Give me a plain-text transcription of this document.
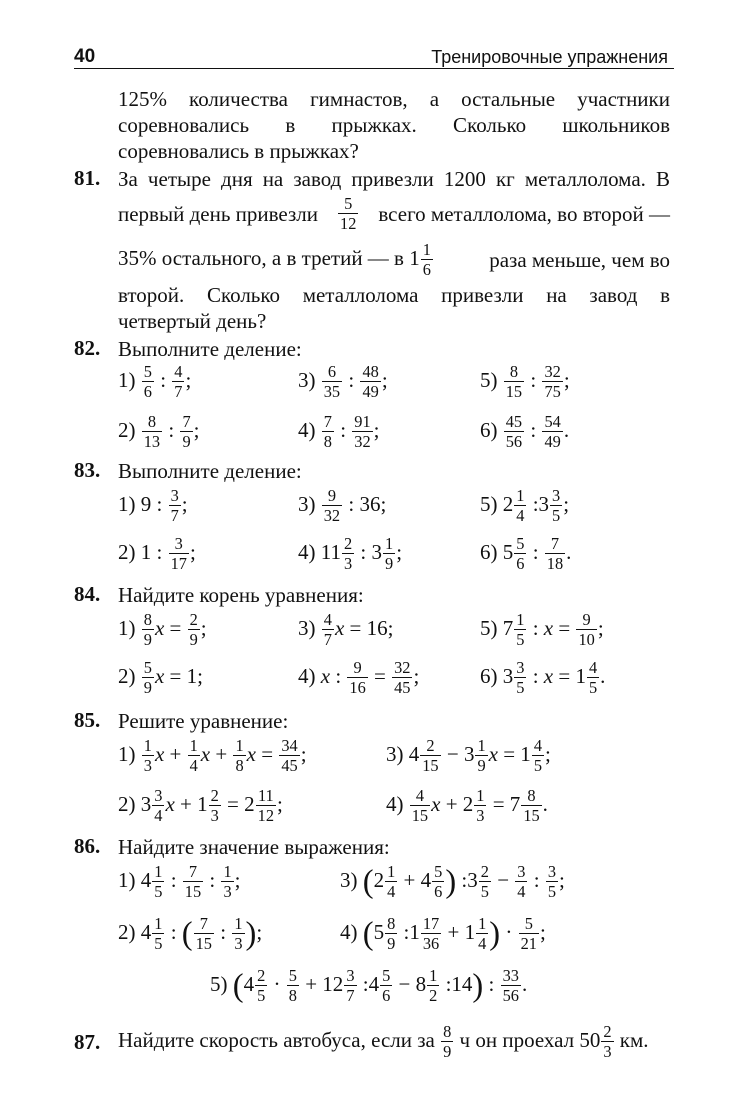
40	Тренировочные упражнения
125% количества гимнастов, а остальные участники
соревновались в прыжках. Сколько школьников
соревновались в прыжках?
81. За четыре дня на завод привезли 1200 кг металлолома. В
первый день привезли	5
12 всего металлолома, во второй —
35% остального, а в третий — в $1 \frac{1}{6}$	раза меньше, чем во
второй. Сколько металлолома привезли на завод в
четвертый день?
82. Выполните деление:
$1) \frac{5}{6}$ : $\frac{4}{7}$ ;	$3) \frac{6}{35}$ : $\frac{48}{49}$ ;	$5) \frac{8}{15}$ : $\frac{32}{75}$ ;
$2) \frac{8}{13}$ : $\frac{7}{9}$ ;	$4) \frac{7}{8}$ : $\frac{91}{32}$ ;	$6) \frac{45}{56}$ : $\frac{54}{49}$ .
83. Выполните деление:
1) 9 : $\frac{3}{7}$ ;	$3) \frac{9}{32}$ : 36;	5) $2 \frac{1}{4}$ :3 $\frac{3}{5}$ ;
2) 1 : $\frac{3}{17}$ ;	4) $11 \frac{2}{3}$ : $3 \frac{1}{9}$ ;	6) $5 \frac{5}{6}$ : $\frac{7}{18}$ .
84. Найдите корень уравнения:
$1) \frac{8}{9}$ $x = \frac{2}{9}$ ;	$3) \frac{4}{7}$ x = 16;	5) $7 \frac{1}{5}$ : $x = \frac{9}{10}$ ;
$2) \frac{5}{9}$ x = 1;	4) x : $\frac{9}{16} = \frac{32}{45}$ ;	6) $3 \frac{3}{5}$ : $x = 1 \frac{4}{5}$ .
85. Решите уравнение:
$1) \frac{1}{3}$ $x + \frac{1}{4}$ $x + \frac{1}{8}$ $x = \frac{34}{45}$ ;	3) $4 \frac{2}{15} - 3 \frac{1}{9}$ $x = 1 \frac{4}{5}$ ;
2) $3 \frac{3}{4}$ $x + 1 \frac{2}{3} = 2 \frac{11}{12}$ ;	$4) \frac{4}{15}$ $x + 2 \frac{1}{3} = 7 \frac{8}{15}$ .
86. Найдите значение выражения:
1) $4 \frac{1}{5}$ : $\frac{7}{15}$ : $\frac{1}{3}$ ;	3) ($2 \frac{1}{4} + 4 \frac{5}{6}$ ) :3 $\frac{2}{5} - \frac{3}{4}$ : $\frac{3}{5}$ ;
2) $4 \frac{1}{5}$ : ( $\frac{7}{15}$ : $\frac{1}{3}$ );	4) ($5 \frac{8}{9}$ :1 $\frac{17}{36} + 1 \frac{1}{4}$ ) · $\frac{5}{21}$ ;
5) ($4 \frac{2}{5} \cdot \frac{5}{8} + 12 \frac{3}{7}$ :4 $\frac{5}{6} - 8 \frac{1}{2}$ :14) : $\frac{33}{56}$ .
87. Найдите скорость автобуса, если за $\frac{8}{9}$ ч он проехал $50 \frac{2}{3}$ км.
